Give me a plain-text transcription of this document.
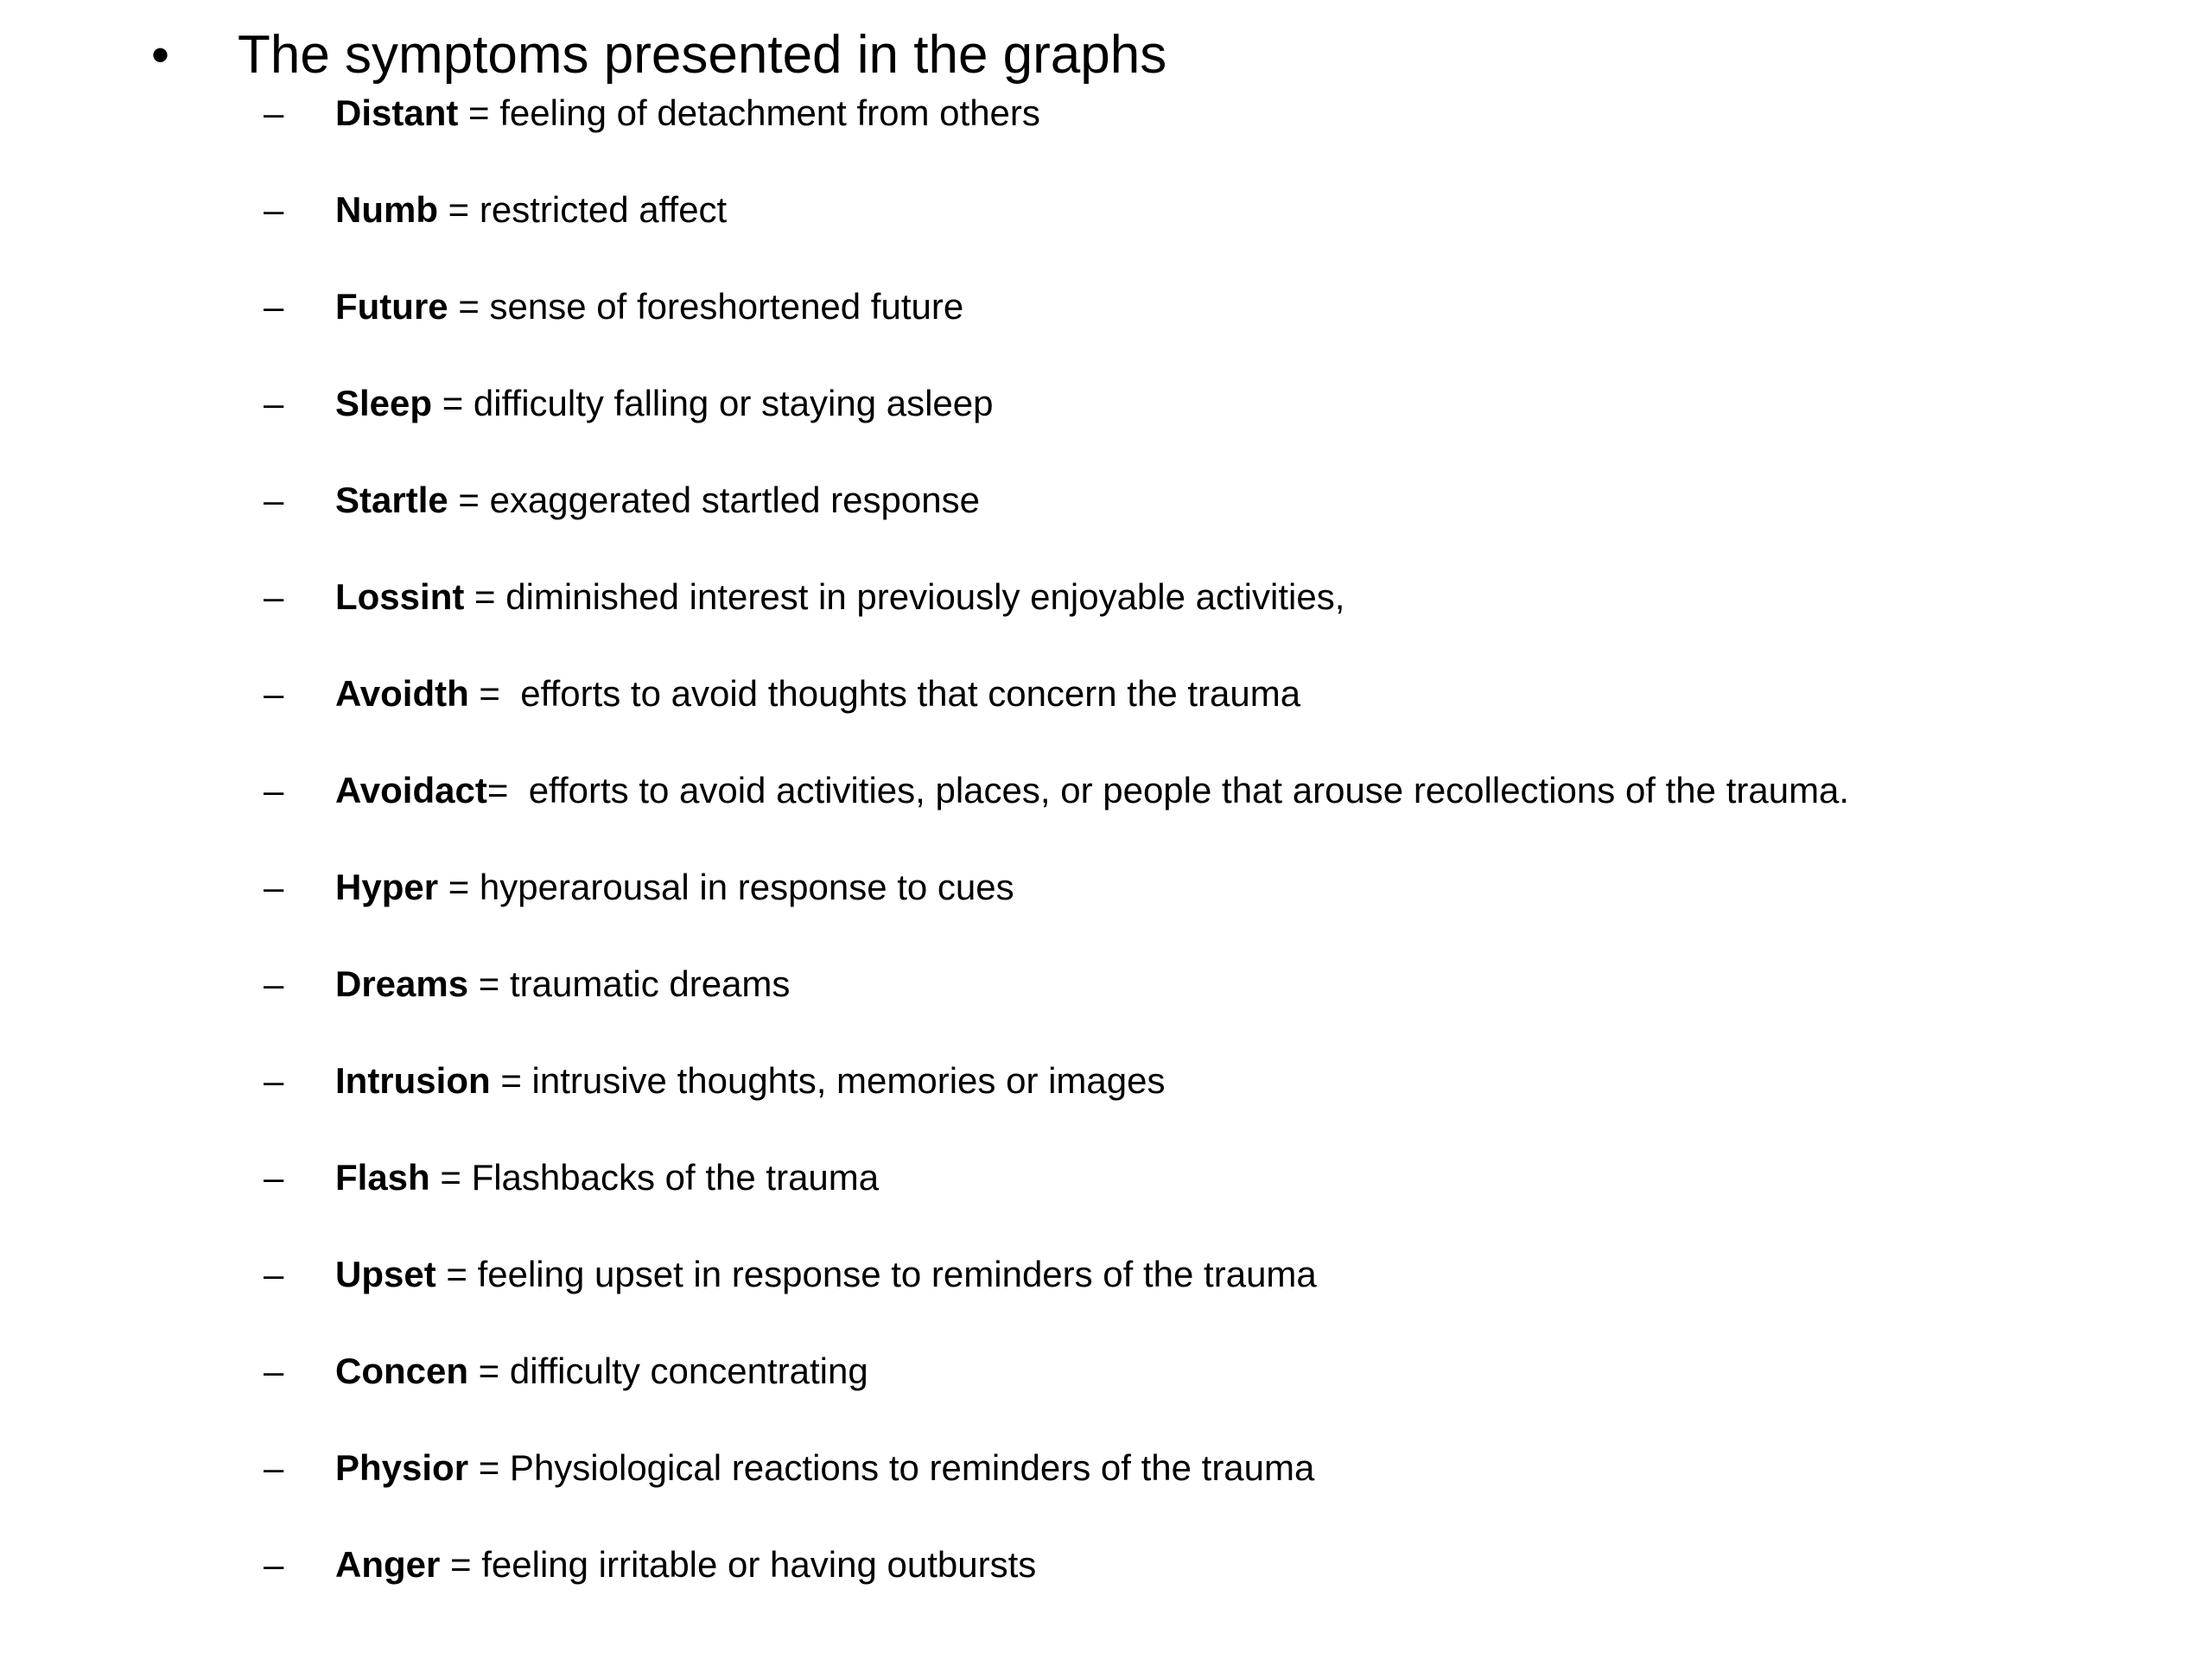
• The symptoms presented in the graphs
– Distant = feeling of detachment from others
– Numb = restricted affect
– Future = sense of foreshortened future
– Sleep = difficulty falling or staying asleep
– Startle = exaggerated startled response
– Lossint = diminished interest in previously enjoyable activities,
– Avoidth =  efforts to avoid thoughts that concern the trauma
– Avoidact=  efforts to avoid activities, places, or people that arouse recollections of the trauma.
– Hyper = hyperarousal in response to cues
– Dreams = traumatic dreams
– Intrusion = intrusive thoughts, memories or images
– Flash = Flashbacks of the trauma
– Upset = feeling upset in response to reminders of the trauma
– Concen = difficulty concentrating
– Physior = Physiological reactions to reminders of the trauma
– Anger = feeling irritable or having outbursts
